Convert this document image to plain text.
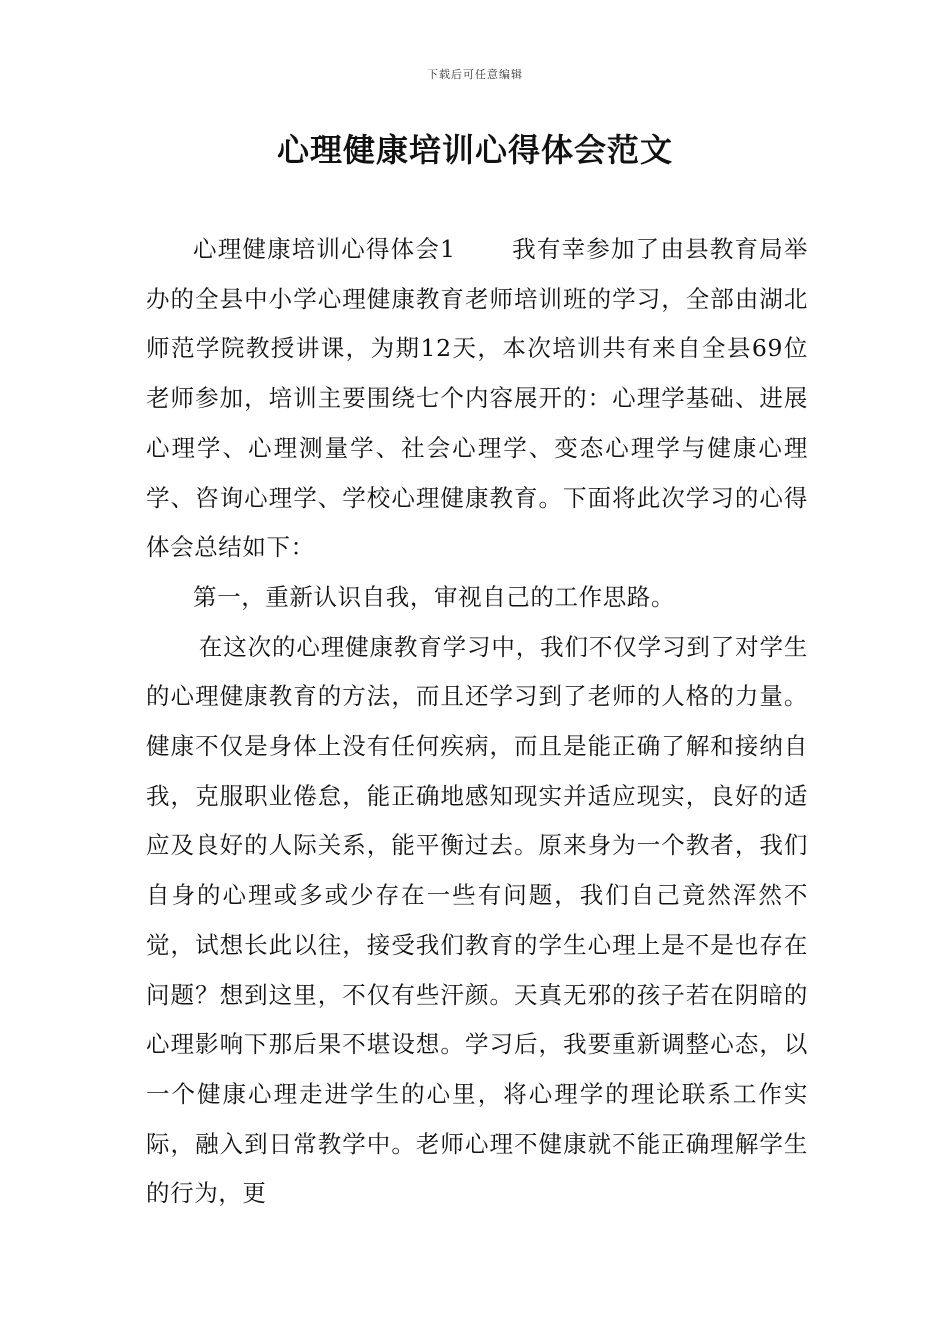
下载后可任意编辑
心理健康培训心得体会范文

心理健康培训心得体会1 我有幸参加了由县教育局举办的全县中小学心理健康教育老师培训班的学习，全部由湖北师范学院教授讲课，为期12天，本次培训共有来自全县69位老师参加，培训主要围绕七个内容展开的：心理学基础、进展心理学、心理测量学、社会心理学、变态心理学与健康心理学、咨询心理学、学校心理健康教育。下面将此次学习的心得体会总结如下：

第一，重新认识自我，审视自己的工作思路。

在这次的心理健康教育学习中，我们不仅学习到了对学生的心理健康教育的方法，而且还学习到了老师的人格的力量。健康不仅是身体上没有任何疾病，而且是能正确了解和接纳自我，克服职业倦怠，能正确地感知现实并适应现实，良好的适应及良好的人际关系，能平衡过去。原来身为一个教者，我们自身的心理或多或少存在一些有问题，我们自己竟然浑然不觉，试想长此以往，接受我们教育的学生心理上是不是也存在问题？想到这里，不仅有些汗颜。天真无邪的孩子若在阴暗的心理影响下那后果不堪设想。学习后，我要重新调整心态，以一个健康心理走进学生的心里，将心理学的理论联系工作实际，融入到日常教学中。老师心理不健康就不能正确理解学生的行为，更
